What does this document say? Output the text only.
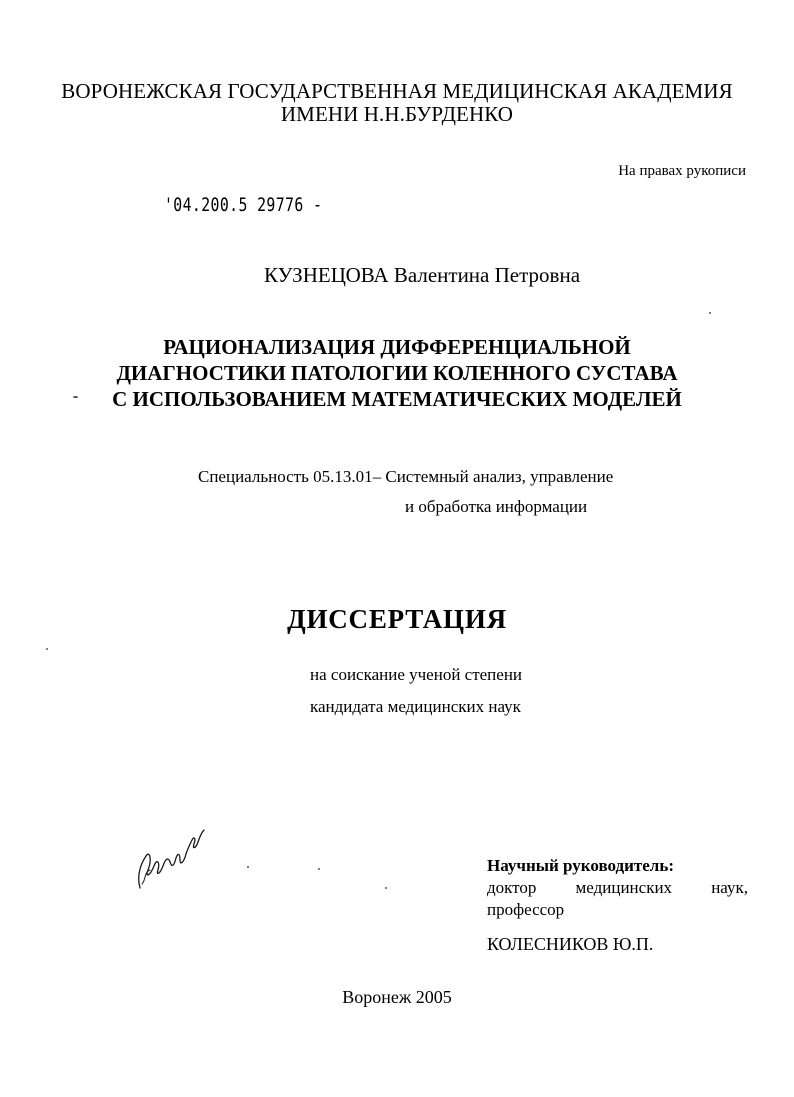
ВОРОНЕЖСКАЯ ГОСУДАРСТВЕННАЯ МЕДИЦИНСКАЯ АКАДЕМИЯ
ИМЕНИ Н.Н.БУРДЕНКО
На правах рукописи
'04.200.5 29776 -
КУЗНЕЦОВА Валентина Петровна
РАЦИОНАЛИЗАЦИЯ ДИФФЕРЕНЦИАЛЬНОЙ
ДИАГНОСТИКИ ПАТОЛОГИИ КОЛЕННОГО СУСТАВА
С ИСПОЛЬЗОВАНИЕМ МАТЕМАТИЧЕСКИХ МОДЕЛЕЙ
Специальность 05.13.01– Системный анализ, управление
и обработка информации
ДИССЕРТАЦИЯ
на соискание ученой степени
кандидата медицинских наук
Научный руководитель:
доктор медицинских наук,
профессор
КОЛЕСНИКОВ Ю.П.
Воронеж 2005
